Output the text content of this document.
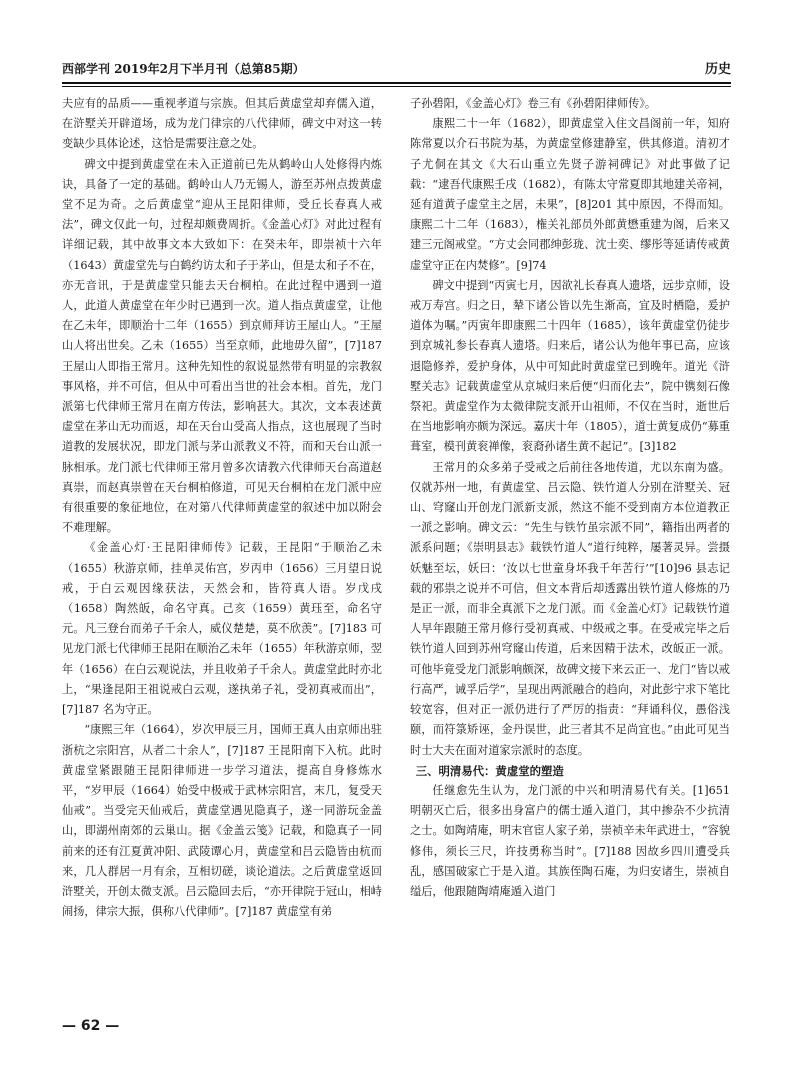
西部学刊 2019年2月下半月刊（总第85期）	历史

夫应有的品质——重视孝道与宗族。但其后黄虚堂却弃儒入道，在浒墅关开辟道场，成为龙门律宗的八代律师，碑文中对这一转变缺少具体论述，这恰是需要注意之处。

碑文中提到黄虚堂在未入正道前已先从鹤岭山人处修得内炼诀，具备了一定的基础。鹤岭山人乃无锡人，游至苏州点拨黄虚堂不足为奇。之后黄虚堂“迎从王昆阳律师，受丘长春真人戒法”，碑文仅此一句，过程却颇费周折。《金盖心灯》对此过程有详细记载，其中故事文本大致如下：在癸未年，即崇祯十六年（1643）黄虚堂先与白鹤约访太和子于茅山，但是太和子不在，亦无音讯，于是黄虚堂只能去天台桐柏。在此过程中遇到一道人，此道人黄虚堂在年少时已遇到一次。道人指点黄虚堂，让他在乙未年，即顺治十二年（1655）到京师拜访王屋山人。“王屋山人将出世矣。乙未（1655）当至京师，此地毋久留”，[7]187 王屋山人即指王常月。这种先知性的叙说显然带有明显的宗教叙事风格，并不可信，但从中可看出当世的社会本相。首先，龙门派第七代律师王常月在南方传法，影响甚大。其次，文本表述黄虚堂在茅山无功而返，却在天台山受高人指点，这也展现了当时道教的发展状况，即龙门派与茅山派教义不符，而和天台山派一脉相承。龙门派七代律师王常月曾多次请教六代律师天台高道赵真崇，而赵真崇曾在天台桐柏修道，可见天台桐柏在龙门派中应有很重要的象征地位，在对第八代律师黄虚堂的叙述中加以附会不难理解。

《金盖心灯·王昆阳律师传》记载，王昆阳“于顺治乙未（1655）秋游京师，挂单灵佑宫，岁丙申（1656）三月望日说戒，于白云观因缘获法，天然会和，皆符真人语。岁戊戌（1658）陶然皈，命名守真。己亥（1659）黄珏至，命名守元。凡三登台而弟子千余人，威仪楚楚，莫不欣羡”。[7]183 可见龙门派七代律师王昆阳在顺治乙未年（1655）年秋游京师，翌年（1656）在白云观说法，并且收弟子千余人。黄虚堂此时亦北上，“果逢昆阳王祖说戒白云观，遂执弟子礼，受初真戒而出”，[7]187 名为守正。

“康熙三年（1664），岁次甲辰三月，国师王真人由京师出驻浙杭之宗阳宫，从者二十余人”，[7]187 王昆阳南下入杭。此时黄虚堂紧跟随王昆阳律师进一步学习道法，提高自身修炼水平，“岁甲辰（1664）始受中极戒于武林宗阳宫，末几，复受天仙戒”。当受完天仙戒后，黄虚堂遇见隐真子，遂一同游玩金盖山，即湖州南郊的云巢山。据《金盖云笺》记载，和隐真子一同前来的还有江夏黄冲阳、武陵谭心月，黄虚堂和吕云隐皆由杭而来，几人群居一月有余，互相切磋，谈论道法。之后黄虚堂返回浒墅关，开创太微支派。吕云隐回去后，“亦开律院于冠山，相峙闹扬，律宗大振，俱称八代律师”。[7]187 黄虚堂有弟

子孙碧阳，《金盖心灯》卷三有《孙碧阳律师传》。

康熙二十一年（1682），即黄虚堂入住文昌阁前一年，知府陈常夏以介石书院为基，为黄虚堂修建静室，供其修道。清初才子尤侗在其文《大石山重立先贤子游祠碑记》对此事做了记载：“逮吾代康熙壬戌（1682），有陈太守常夏即其地建关帝祠，延有道黄子虚堂主之居，未果”，[8]201 其中原因，不得而知。康熙二十二年（1683），権关礼部员外郎黄懋重建为阁，后来又建三元阁戒堂。“方丈会同郡绅彭珑、沈士奕、缪彤等延请传戒黄虚堂守正在内焚修”。[9]74

碑文中提到“丙寅七月，因欲礼长春真人遗塔，远步京师，设戒万寿宫。归之日，辇下诸公皆以先生渐高，宜及时栖隐，爰护道体为嘱。”丙寅年即康熙二十四年（1685），该年黄虚堂仍徒步到京城礼参长春真人遗塔。归来后，诸公认为他年事已高，应该退隐修养，爱护身体，从中可知此时黄虚堂已到晚年。道光《浒墅关志》记载黄虚堂从京城归来后便“归而化去”，院中镌刻石像祭祀。黄虚堂作为太微律院支派开山祖师，不仅在当时，逝世后在当地影响亦颇为深远。嘉庆十年（1805），道士黄复成仍“募重葺室，模刊黄衮禅像，衮裔孙诸生黄不起记”。[3]182

王常月的众多弟子受戒之后前往各地传道，尤以东南为盛。仅就苏州一地，有黄虚堂、吕云隐、铁竹道人分别在浒墅关、冠山、穹窿山开创龙门派新支派，然这不能不受到南方本位道教正一派之影响。碑文云：“先生与铁竹虽宗派不同”，籍指出两者的派系问题；《崇明县志》载铁竹道人“道行纯粹，屡著灵异。尝摄妖魅至坛，妖曰：‘汝以七世童身坏我千年苦行’”[10]96 县志记载的邪祟之说并不可信，但文本背后却透露出铁竹道人修炼的乃是正一派，而非全真派下之龙门派。而《金盖心灯》记载铁竹道人早年跟随王常月修行受初真戒、中级戒之事。在受戒完毕之后铁竹道人回到苏州穹窿山传道，后来因精于法术，改皈正一派。可他毕竟受龙门派影响颇深，故碑文接下来云正一、龙门“皆以戒行高严，诫孚后学”，呈现出两派融合的趋向，对此彭宁求下笔比较宽容，但对正一派仍进行了严厉的指责：“拜诵科仪，愚俗浅颐，而符箓矫诬，金丹误世，此三者其不足尚宜也。”由此可见当时士大夫在面对道家宗派时的态度。

三、明清易代：黄虚堂的塑造

任继愈先生认为，龙门派的中兴和明清易代有关。[1]651 明朝灭亡后，很多出身富户的儒士遁入道门，其中掺杂不少抗清之士。如陶靖庵，明末官宦人家子弟，崇祯辛未年武进士，“容貌修伟，须长三尺，许技勇称当时”。[7]188 因故乡四川遭受兵乱，感国破家亡于是入道。其族侄陶石庵，为归安诸生，崇祯自缢后，他跟随陶靖庵遁入道门

— 62 —
